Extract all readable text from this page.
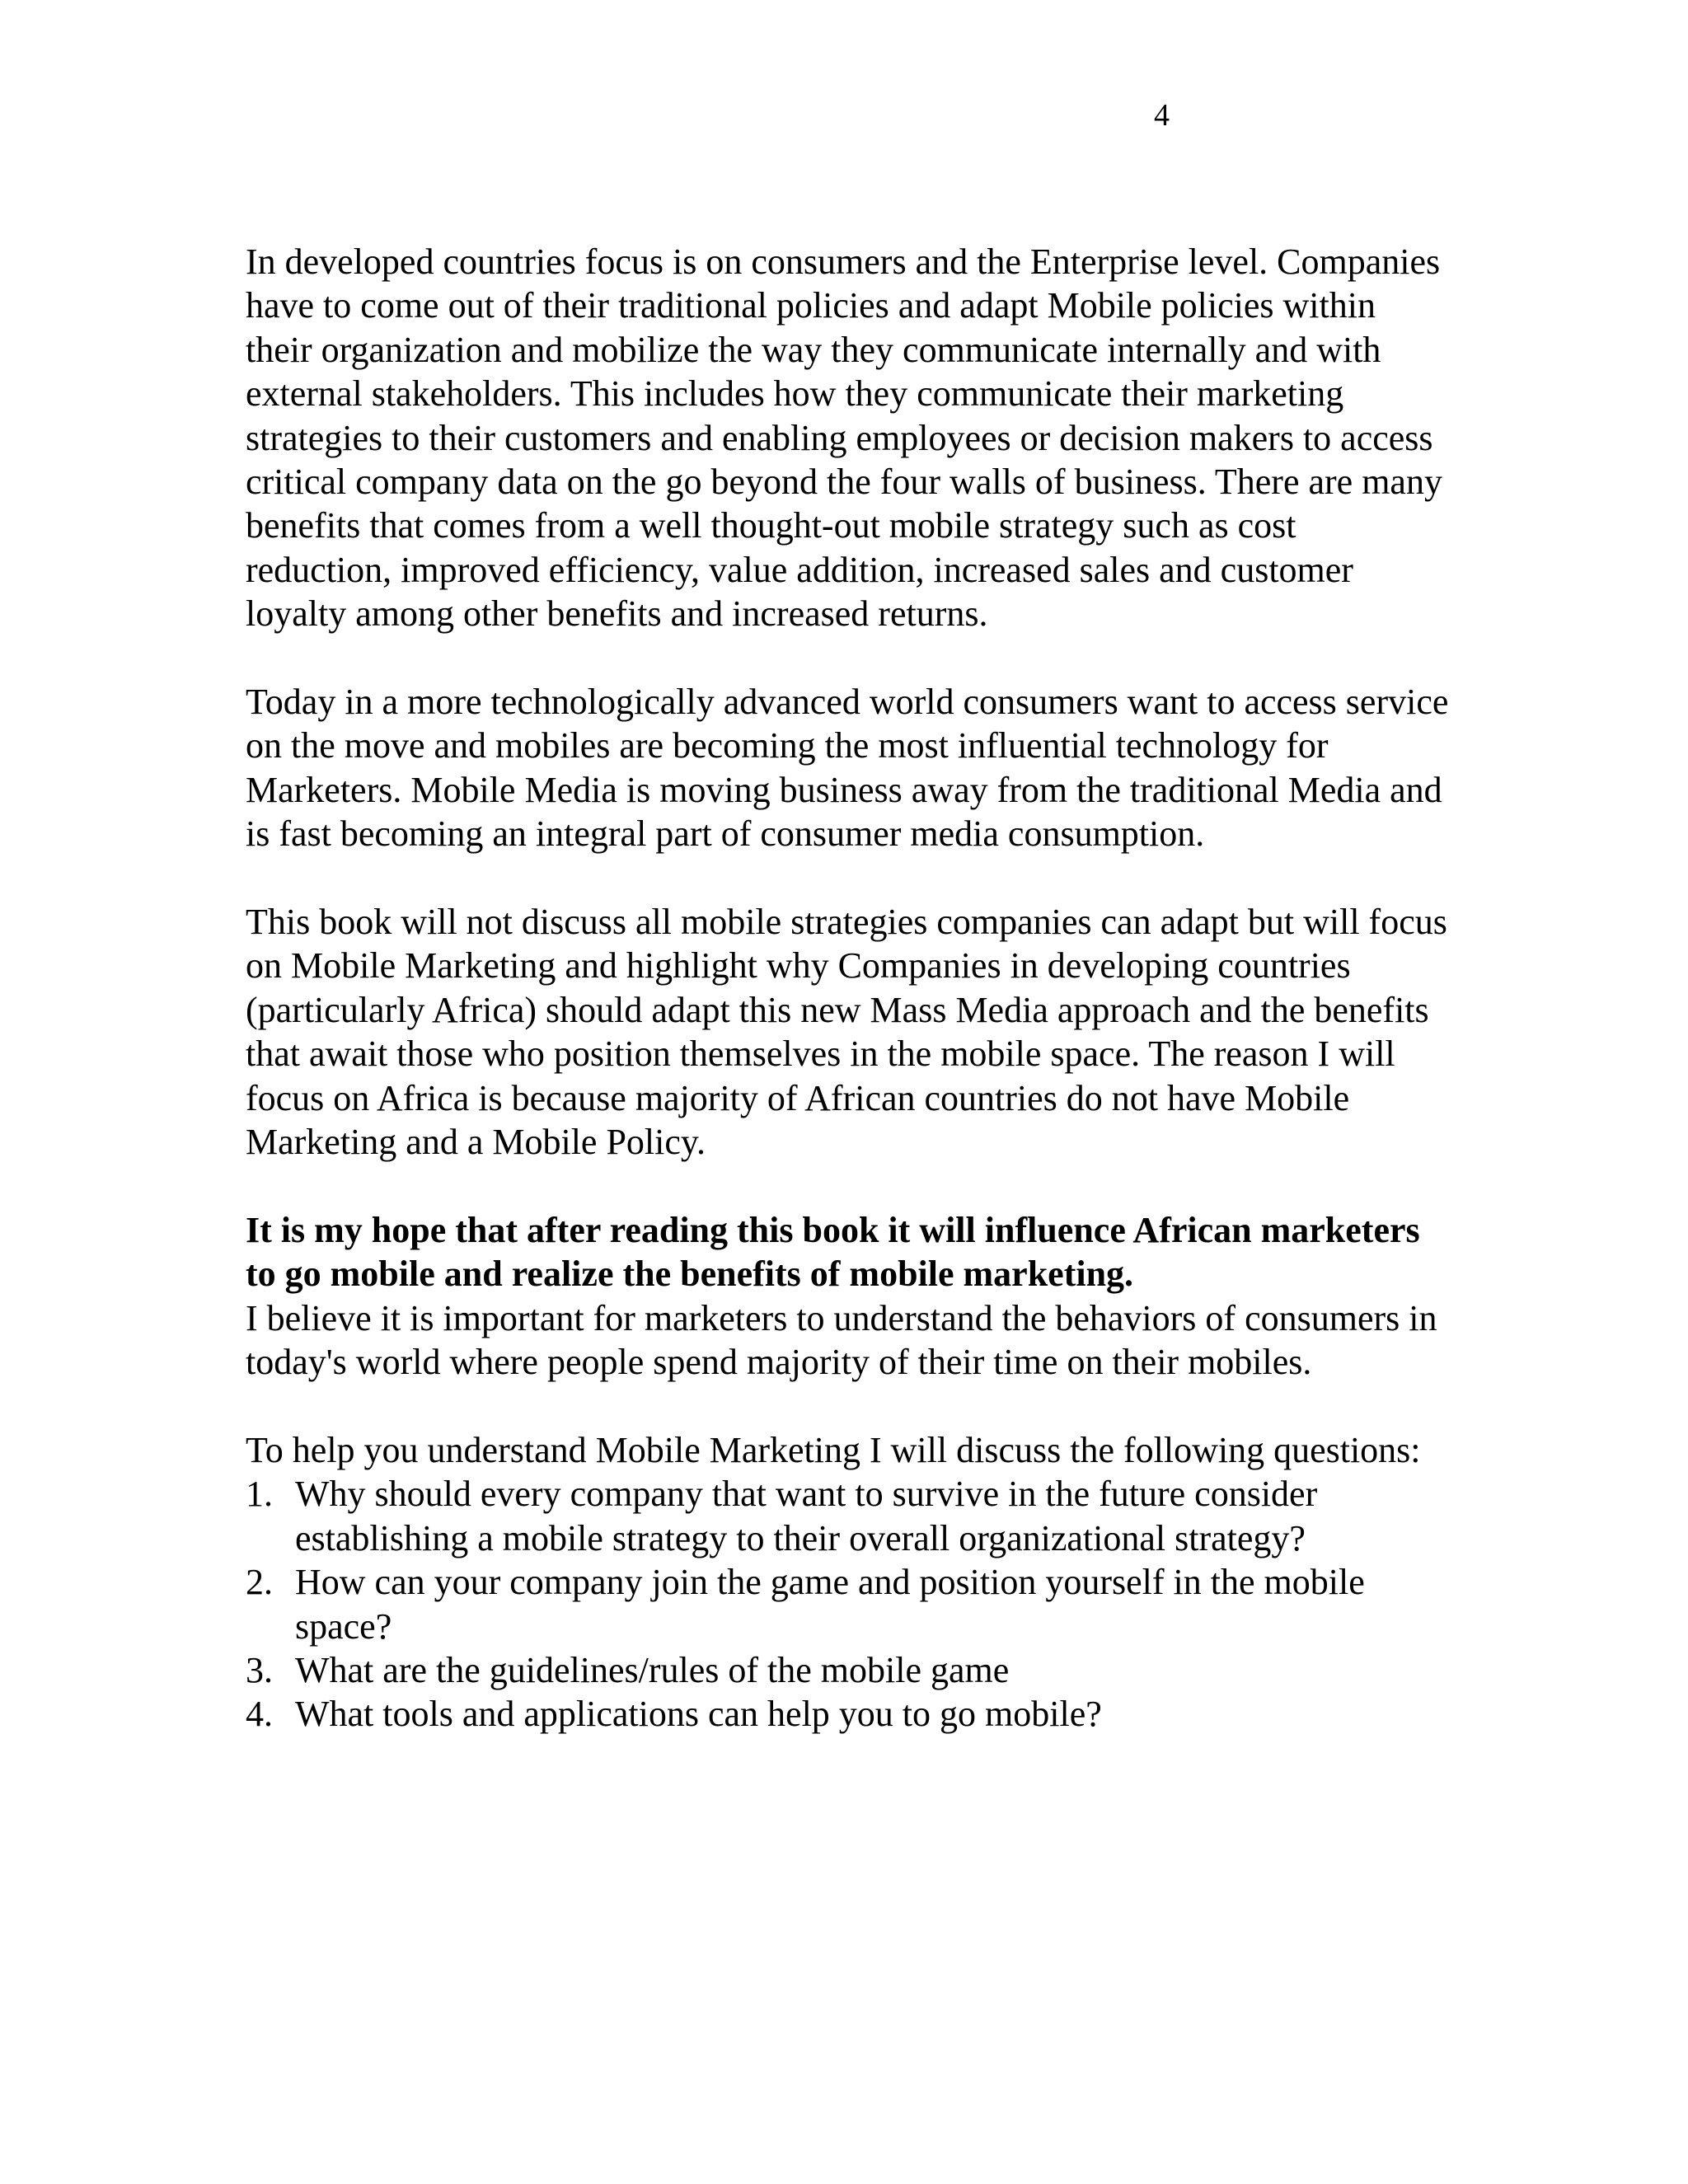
4

In developed countries focus is on consumers and the Enterprise level. Companies have to come out of their traditional policies and adapt Mobile policies within their organization and mobilize the way they communicate internally and with external stakeholders. This includes how they communicate their marketing strategies to their customers and enabling employees or decision makers to access critical company data on the go beyond the four walls of business. There are many benefits that comes from a well thought-out mobile strategy such as cost reduction, improved efficiency, value addition, increased sales and customer loyalty among other benefits and increased returns.

Today in a more technologically advanced world consumers want to access service on the move and mobiles are becoming the most influential technology for Marketers. Mobile Media is moving business away from the traditional Media and is fast becoming an integral part of consumer media consumption.

This book will not discuss all mobile strategies companies can adapt but will focus on Mobile Marketing and highlight why Companies in developing countries (particularly Africa) should adapt this new Mass Media approach and the benefits that await those who position themselves in the mobile space. The reason I will focus on Africa is because majority of African countries do not have Mobile Marketing and a Mobile Policy.

It is my hope that after reading this book it will influence African marketers to go mobile and realize the benefits of mobile marketing.

I believe it is important for marketers to understand the behaviors of consumers in today's world where people spend majority of their time on their mobiles.

To help you understand Mobile Marketing I will discuss the following questions:

1. Why should every company that want to survive in the future consider establishing a mobile strategy to their overall organizational strategy?
2. How can your company join the game and position yourself in the mobile space?
3. What are the guidelines/rules of the mobile game
4. What tools and applications can help you to go mobile?
